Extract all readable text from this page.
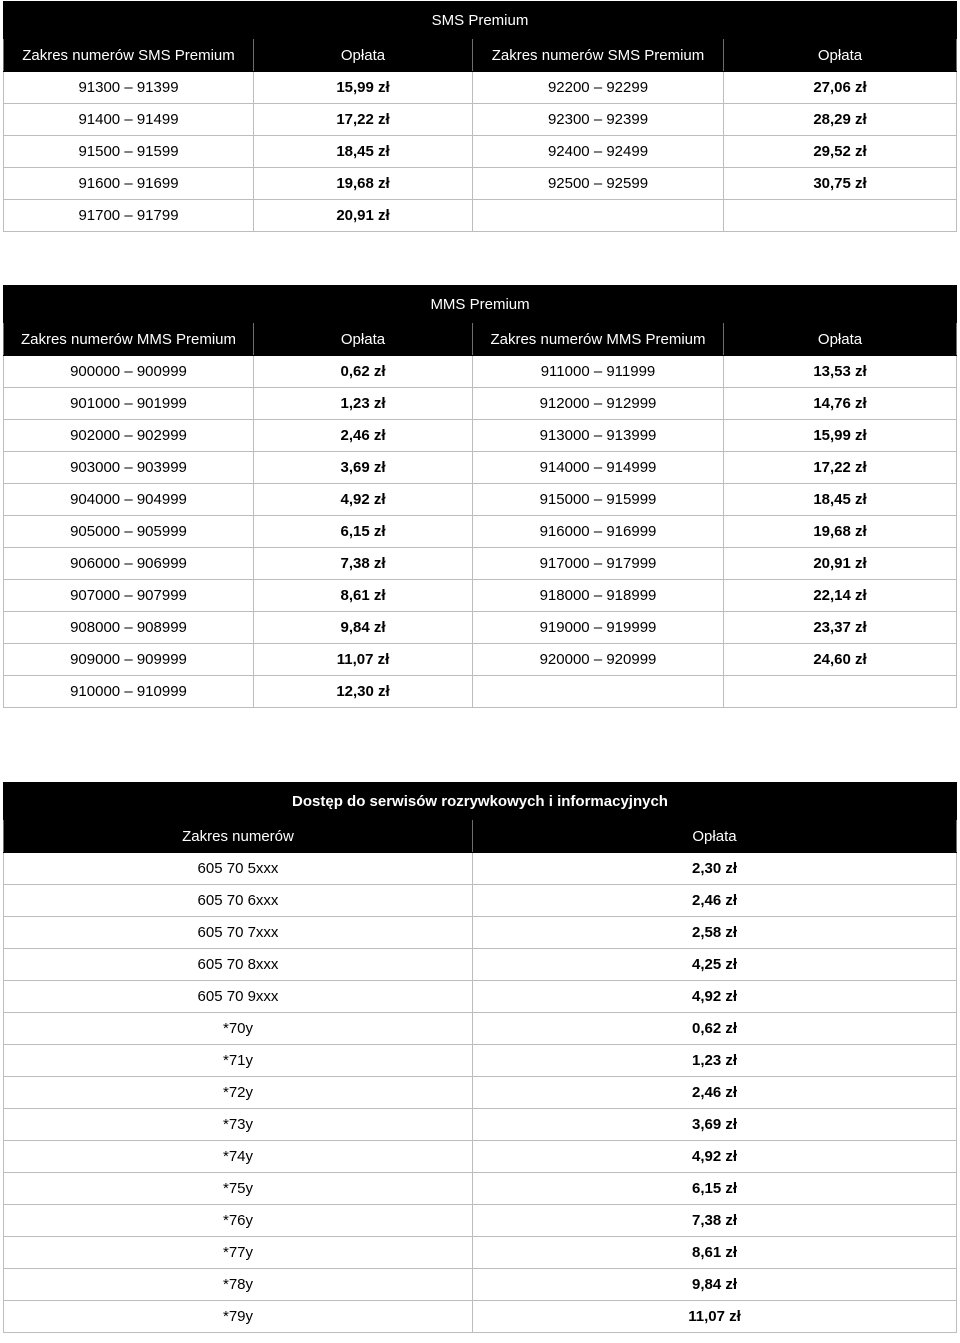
SMS Premium			
Zakres numerów SMS Premium	Opłata	Zakres numerów SMS Premium	Opłata
91300 – 91399	15,99 zł	92200 – 92299	27,06 zł
91400 – 91499	17,22 zł	92300 – 92399	28,29 zł
91500 – 91599	18,45 zł	92400 – 92499	29,52 zł
91600 – 91699	19,68 zł	92500 – 92599	30,75 zł
91700 – 91799	20,91 zł		
MMS Premium			
Zakres numerów MMS Premium	Opłata	Zakres numerów MMS Premium	Opłata
900000 – 900999	0,62 zł	911000 – 911999	13,53 zł
901000 – 901999	1,23 zł	912000 – 912999	14,76 zł
902000 – 902999	2,46 zł	913000 – 913999	15,99 zł
903000 – 903999	3,69 zł	914000 – 914999	17,22 zł
904000 – 904999	4,92 zł	915000 – 915999	18,45 zł
905000 – 905999	6,15 zł	916000 – 916999	19,68 zł
906000 – 906999	7,38 zł	917000 – 917999	20,91 zł
907000 – 907999	8,61 zł	918000 – 918999	22,14 zł
908000 – 908999	9,84 zł	919000 – 919999	23,37 zł
909000 – 909999	11,07 zł	920000 – 920999	24,60 zł
910000 – 910999	12,30 zł		
Dostęp do serwisów rozrywkowych i informacyjnych	
Zakres numerów	Opłata
605 70 5xxx	2,30 zł
605 70 6xxx	2,46 zł
605 70 7xxx	2,58 zł
605 70 8xxx	4,25 zł
605 70 9xxx	4,92 zł
*70y	0,62 zł
*71y	1,23 zł
*72y	2,46 zł
*73y	3,69 zł
*74y	4,92 zł
*75y	6,15 zł
*76y	7,38 zł
*77y	8,61 zł
*78y	9,84 zł
*79y	11,07 zł
